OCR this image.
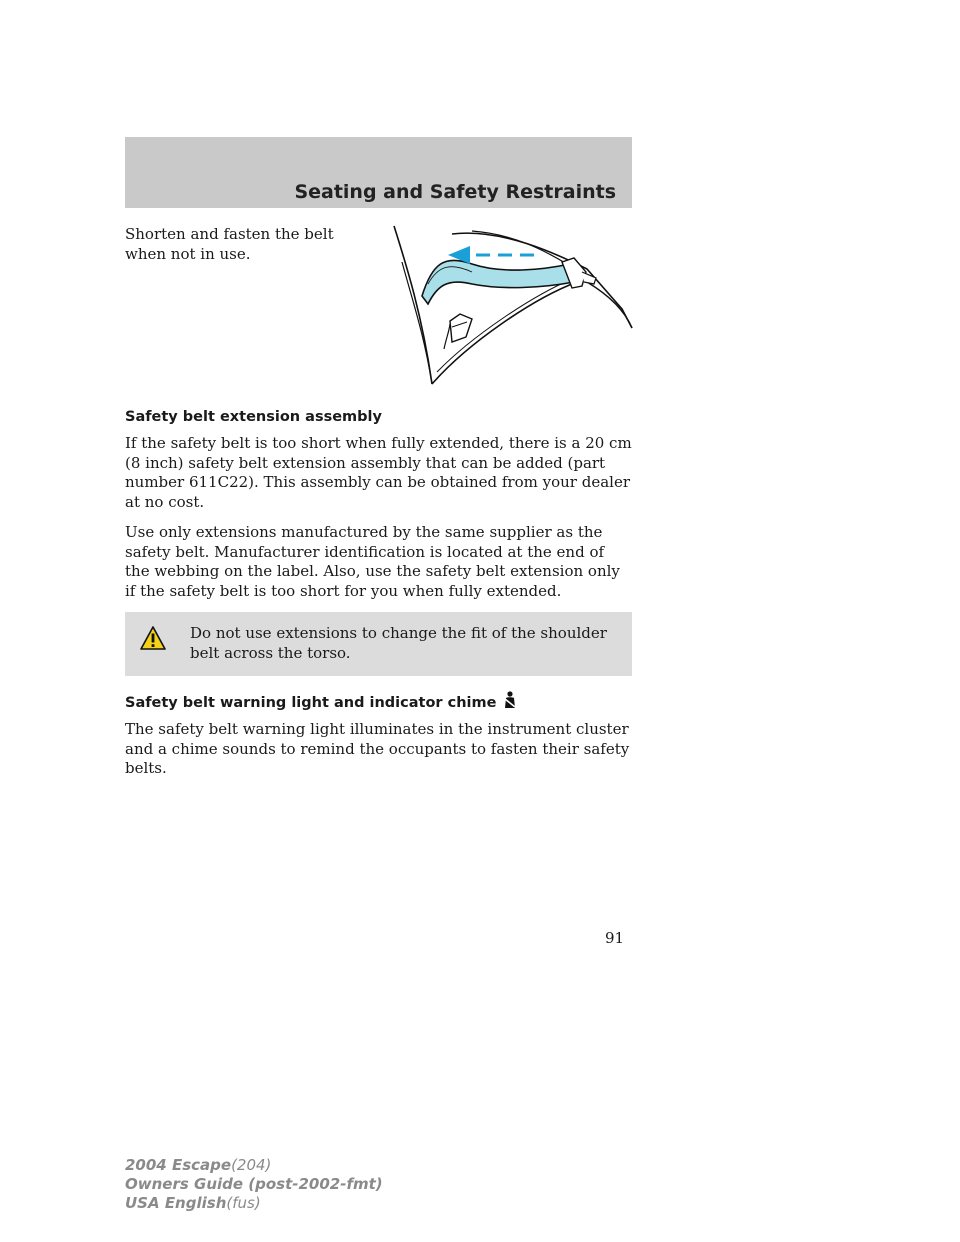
Seating and Safety Restraints
Shorten and fasten the belt when not in use.
Safety belt extension assembly

If the safety belt is too short when fully extended, there is a 20 cm (8 inch) safety belt extension assembly that can be added (part number 611C22). This assembly can be obtained from your dealer at no cost.

Use only extensions manufactured by the same supplier as the safety belt. Manufacturer identification is located at the end of the webbing on the label. Also, use the safety belt extension only if the safety belt is too short for you when fully extended.

Do not use extensions to change the fit of the shoulder belt across the torso.
Safety belt warning light and indicator chime

The safety belt warning light illuminates in the instrument cluster and a chime sounds to remind the occupants to fasten their safety belts.

91
2004 Escape(204)
Owners Guide (post-2002-fmt)
USA English(fus)
